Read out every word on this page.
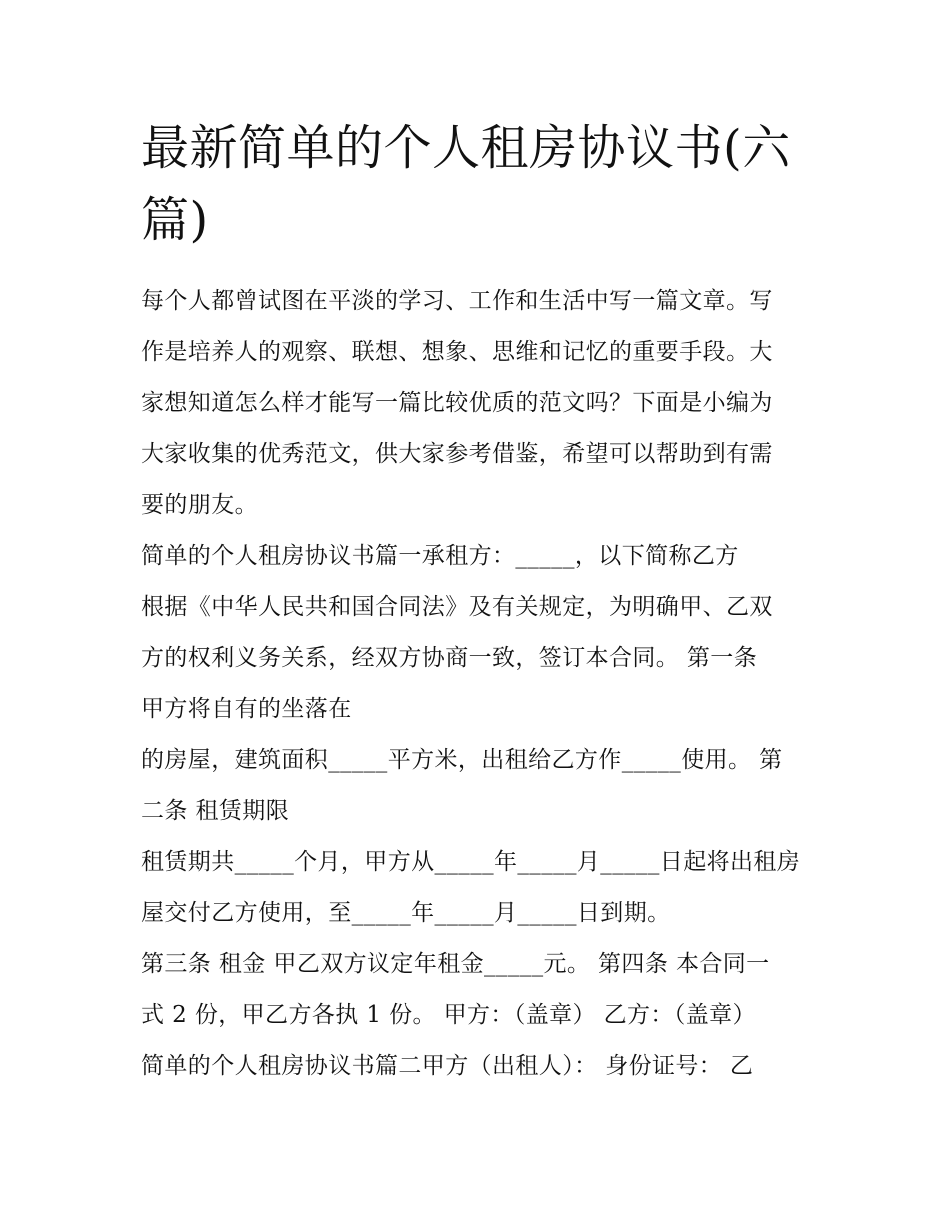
最新简单的个人租房协议书(六篇)
每个人都曾试图在平淡的学习、工作和生活中写一篇文章。写
作是培养人的观察、联想、想象、思维和记忆的重要手段。大
家想知道怎么样才能写一篇比较优质的范文吗？下面是小编为
大家收集的优秀范文，供大家参考借鉴，希望可以帮助到有需
要的朋友。
简单的个人租房协议书篇一承租方：_____，以下简称乙方
根据《中华人民共和国合同法》及有关规定，为明确甲、乙双
方的权利义务关系，经双方协商一致，签订本合同。 第一条
甲方将自有的坐落在
的房屋，建筑面积_____平方米，出租给乙方作_____使用。 第
二条 租赁期限
租赁期共_____个月，甲方从_____年_____月_____日起将出租房
屋交付乙方使用，至_____年_____月_____日到期。
第三条 租金 甲乙双方议定年租金_____元。 第四条 本合同一
式 2 份，甲乙方各执 1 份。 甲方：（盖章） 乙方：（盖章）
简单的个人租房协议书篇二甲方（出租人）： 身份证号： 乙
